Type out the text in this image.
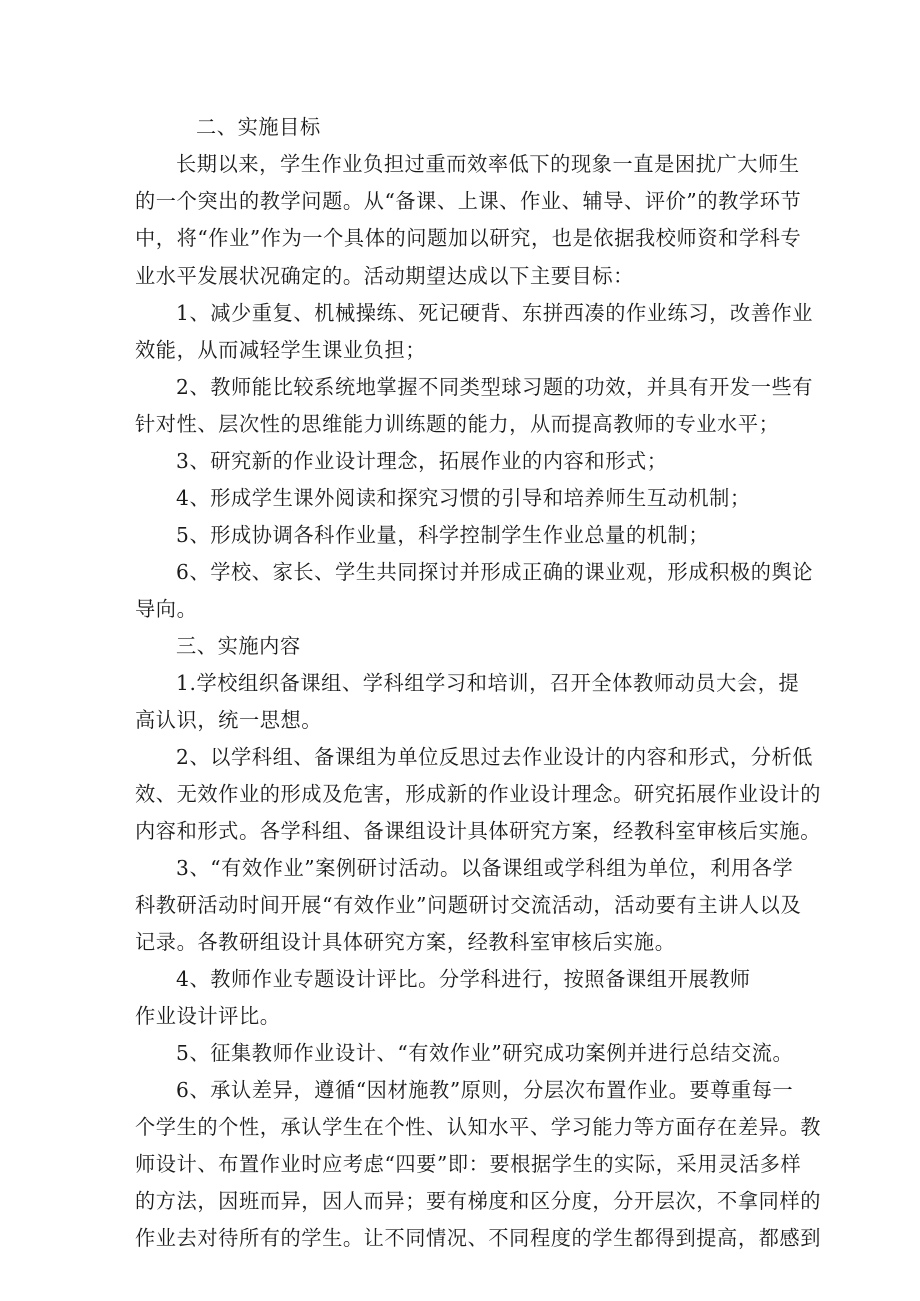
二、实施目标
长期以来，学生作业负担过重而效率低下的现象一直是困扰广大师生
的一个突出的教学问题。从“备课、上课、作业、辅导、评价”的教学环节
中，将“作业”作为一个具体的问题加以研究，也是依据我校师资和学科专
业水平发展状况确定的。活动期望达成以下主要目标：
1、减少重复、机械操练、死记硬背、东拼西凑的作业练习，改善作业
效能，从而减轻学生课业负担；
2、教师能比较系统地掌握不同类型球习题的功效，并具有开发一些有
针对性、层次性的思维能力训练题的能力，从而提高教师的专业水平；
3、研究新的作业设计理念，拓展作业的内容和形式；
4、形成学生课外阅读和探究习惯的引导和培养师生互动机制；
5、形成协调各科作业量，科学控制学生作业总量的机制；
6、学校、家长、学生共同探讨并形成正确的课业观，形成积极的舆论
导向。
三、实施内容
1.学校组织备课组、学科组学习和培训，召开全体教师动员大会，提
高认识，统一思想。
2、以学科组、备课组为单位反思过去作业设计的内容和形式，分析低
效、无效作业的形成及危害，形成新的作业设计理念。研究拓展作业设计的
内容和形式。各学科组、备课组设计具体研究方案，经教科室审核后实施。
3、“有效作业”案例研讨活动。以备课组或学科组为单位，利用各学
科教研活动时间开展“有效作业”问题研讨交流活动，活动要有主讲人以及
记录。各教研组设计具体研究方案，经教科室审核后实施。
4、教师作业专题设计评比。分学科进行，按照备课组开展教师
作业设计评比。
5、征集教师作业设计、“有效作业”研究成功案例并进行总结交流。
6、承认差异，遵循“因材施教”原则，分层次布置作业。要尊重每一
个学生的个性，承认学生在个性、认知水平、学习能力等方面存在差异。教
师设计、布置作业时应考虑“四要”即：要根据学生的实际，采用灵活多样
的方法，因班而异，因人而异；要有梯度和区分度，分开层次，不拿同样的
作业去对待所有的学生。让不同情况、不同程度的学生都得到提高，都感到
